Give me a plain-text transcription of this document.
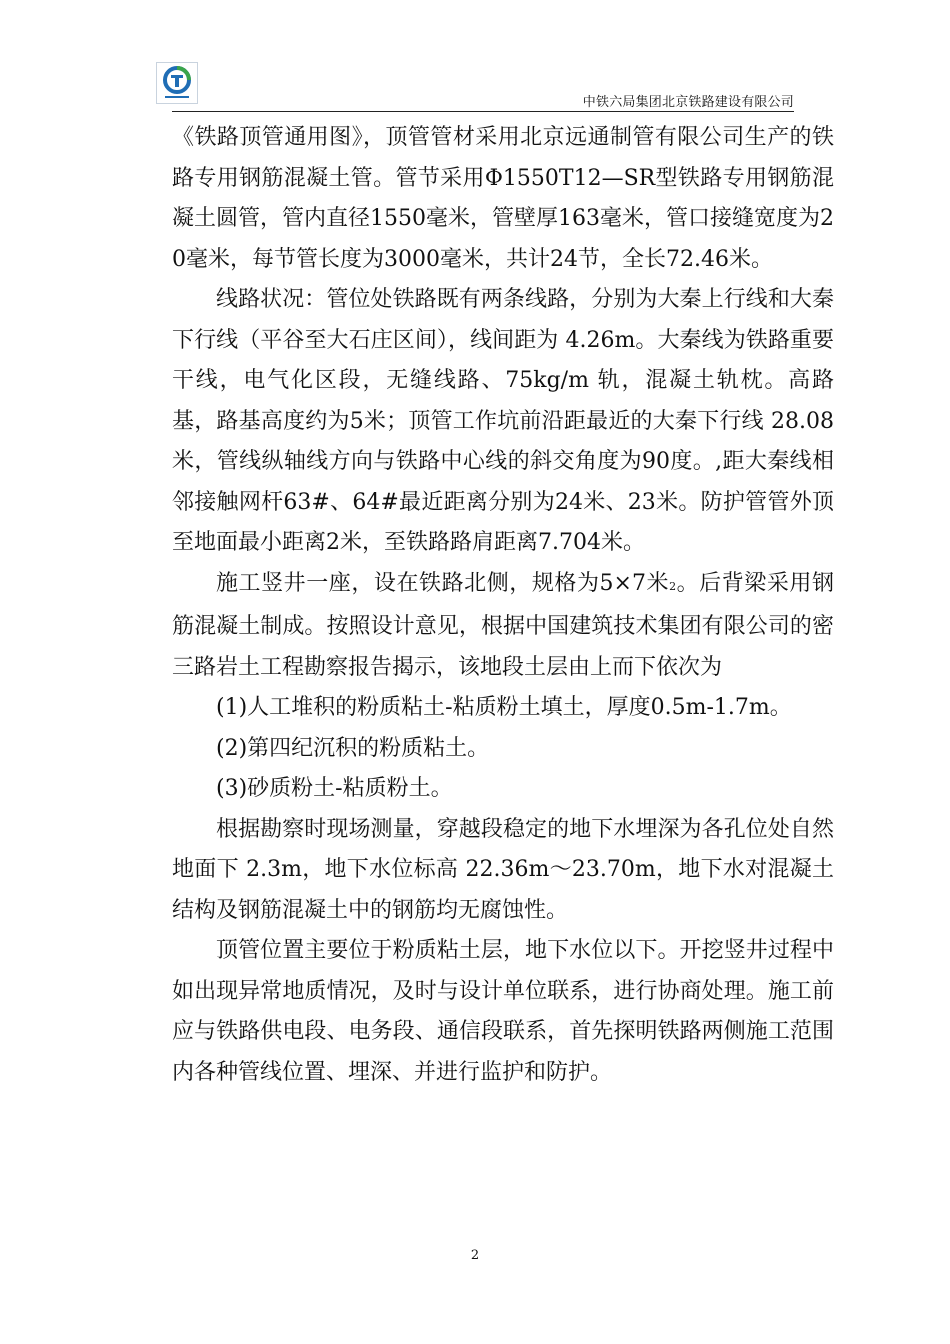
中铁六局集团北京铁路建设有限公司

《铁路顶管通用图》，顶管管材采用北京远通制管有限公司生产的铁路专用钢筋混凝土管。管节采用Φ1550T12—SR型铁路专用钢筋混凝土圆管，管内直径1550毫米，管壁厚163毫米，管口接缝宽度为20毫米，每节管长度为3000毫米，共计24节，全长72.46米。

线路状况：管位处铁路既有两条线路，分别为大秦上行线和大秦下行线（平谷至大石庄区间），线间距为 4.26m。大秦线为铁路重要干线，电气化区段，无缝线路、75kg/m 轨，混凝土轨枕。高路基，路基高度约为5米；顶管工作坑前沿距最近的大秦下行线 28.08 米，管线纵轴线方向与铁路中心线的斜交角度为90度。,距大秦线相邻接触网杆63#、64#最近距离分别为24米、23米。防护管管外顶至地面最小距离2米，至铁路路肩距离7.704米。

施工竖井一座，设在铁路北侧，规格为5×7米2。后背梁采用钢筋混凝土制成。按照设计意见，根据中国建筑技术集团有限公司的密三路岩土工程勘察报告揭示，该地段土层由上而下依次为

(1)人工堆积的粉质粘土-粘质粉土填土，厚度0.5m-1.7m。

(2)第四纪沉积的粉质粘土。

(3)砂质粉土-粘质粉土。

根据勘察时现场测量，穿越段稳定的地下水埋深为各孔位处自然地面下 2.3m，地下水位标高 22.36m～23.70m，地下水对混凝土结构及钢筋混凝土中的钢筋均无腐蚀性。

顶管位置主要位于粉质粘土层，地下水位以下。开挖竖井过程中如出现异常地质情况，及时与设计单位联系，进行协商处理。施工前应与铁路供电段、电务段、通信段联系，首先探明铁路两侧施工范围内各种管线位置、埋深、并进行监护和防护。

2
